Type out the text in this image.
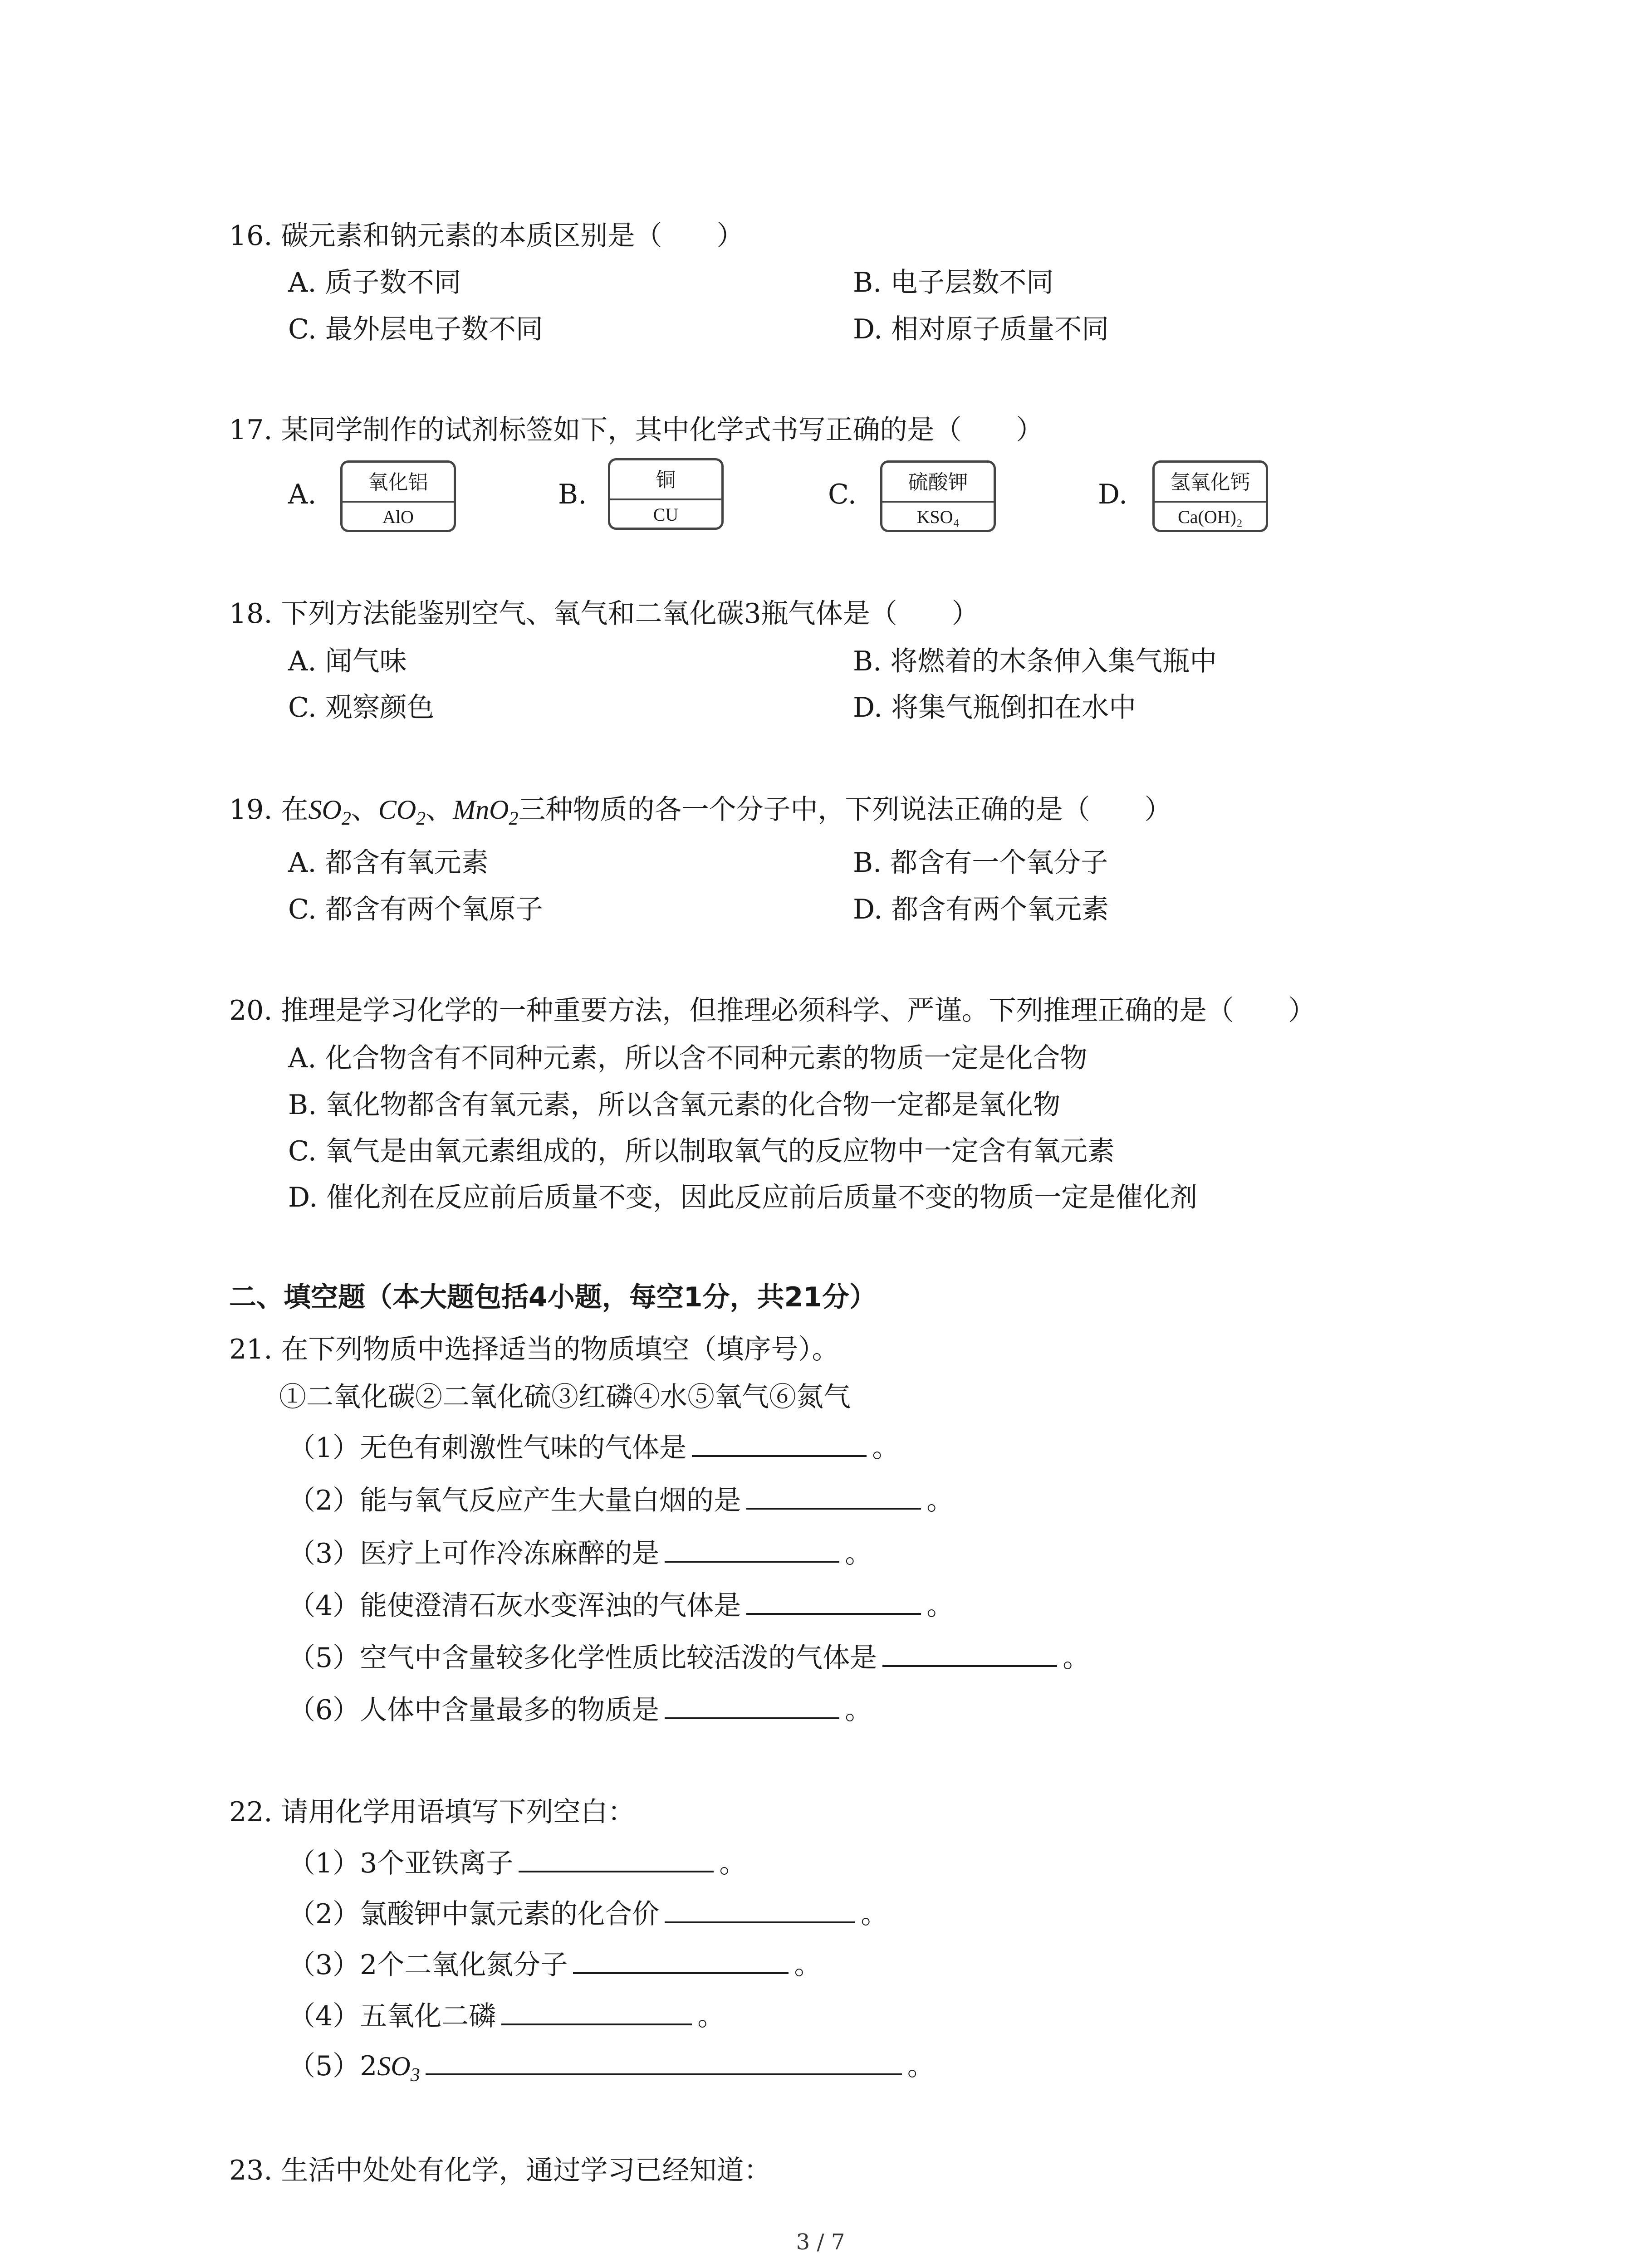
16. 碳元素和钠元素的本质区别是（　　）
A. 质子数不同	B. 电子层数不同
C. 最外层电子数不同	D. 相对原子质量不同
17. 某同学制作的试剂标签如下，其中化学式书写正确的是（　　）
A.	氧化铝
AlO
B.	铜
CU
C.	硫酸钾
KSO₄
D.	氢氧化钙
Ca(OH)₂
18. 下列方法能鉴别空气、氧气和二氧化碳3瓶气体是（　　）
A. 闻气味	B. 将燃着的木条伸入集气瓶中
C. 观察颜色	D. 将集气瓶倒扣在水中
19. 在$SO_2$、$CO_2$、MnO$_2$三种物质的各一个分子中，下列说法正确的是（　　）
A. 都含有氧元素	B. 都含有一个氧分子
C. 都含有两个氧原子	D. 都含有两个氧元素
20. 推理是学习化学的一种重要方法，但推理必须科学、严谨。下列推理正确的是（　　）
A. 化合物含有不同种元素，所以含不同种元素的物质一定是化合物
B. 氧化物都含有氧元素，所以含氧元素的化合物一定都是氧化物
C. 氧气是由氧元素组成的，所以制取氧气的反应物中一定含有氧元素
D. 催化剂在反应前后质量不变，因此反应前后质量不变的物质一定是催化剂
二、填空题（本大题包括4小题，每空1分，共21分）
21. 在下列物质中选择适当的物质填空（填序号）。
①二氧化碳②二氧化硫③红磷④水⑤氧气⑥氮气
（1）无色有刺激性气味的气体是	。
（2）能与氧气反应产生大量白烟的是	。
（3）医疗上可作冷冻麻醉的是	。
（4）能使澄清石灰水变浑浊的气体是	。
（5）空气中含量较多化学性质比较活泼的气体是	。
（6）人体中含量最多的物质是	。
22. 请用化学用语填写下列空白：
（1）3个亚铁离子	。
（2）氯酸钾中氯元素的化合价	。
（3）2个二氧化氮分子	。
（4）五氧化二磷	。
$(5)2SO_3$	。
23. 生活中处处有化学，通过学习已经知道：
3 / 7
